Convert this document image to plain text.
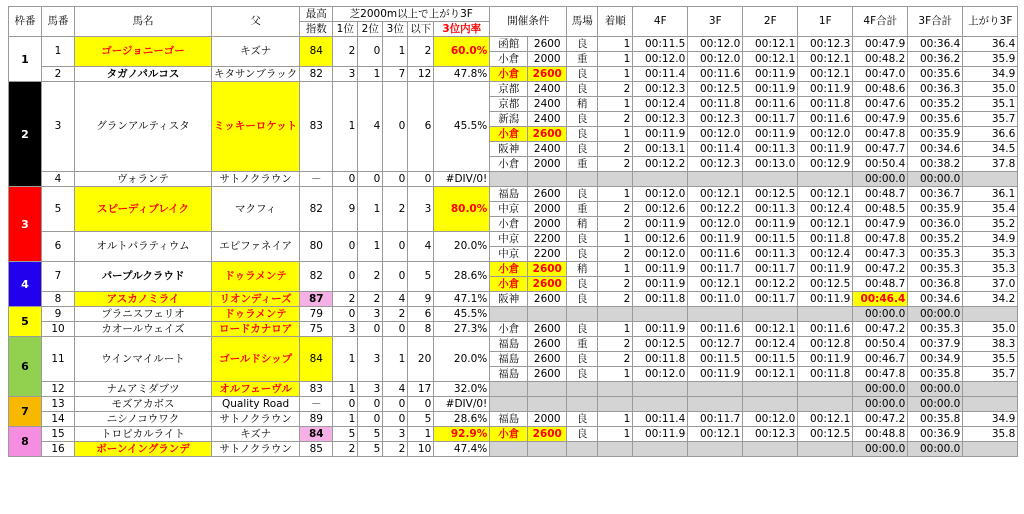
枠番	馬番	馬名	父	最高	芝2000m以上で上がり3F					開催条件		馬場	着順	4F	3F	2F	1F	4F合計	3F合計	上がり3F
				指数	1位	2位	3位	以下	3位内率											
1	1	ゴージョニーゴー	キズナ	84	2	0	1	2	60.0%	函館	2600	良	1	00:11.5	00:12.0	00:12.1	00:12.3	00:47.9	00:36.4	36.4
										小倉	2000	重	1	00:12.0	00:12.0	00:12.1	00:12.1	00:48.2	00:36.2	35.9
	2	タガノパルコス	キタサンブラック	82	3	1	7	12	47.8%	小倉	2600	良	1	00:11.4	00:11.6	00:11.9	00:12.1	00:47.0	00:35.6	34.9
2	3	グランアルティスタ	ミッキーロケット	83	1	4	0	6	45.5%	京都	2400	良	2	00:12.3	00:12.5	00:11.9	00:11.9	00:48.6	00:36.3	35.0
										京都	2400	稍	1	00:12.4	00:11.8	00:11.6	00:11.8	00:47.6	00:35.2	35.1
										新潟	2400	良	2	00:12.3	00:12.3	00:11.7	00:11.6	00:47.9	00:35.6	35.7
										小倉	2600	良	1	00:11.9	00:12.0	00:11.9	00:12.0	00:47.8	00:35.9	36.6
										阪神	2400	良	2	00:13.1	00:11.4	00:11.3	00:11.9	00:47.7	00:34.6	34.5
										小倉	2000	重	2	00:12.2	00:12.3	00:13.0	00:12.9	00:50.4	00:38.2	37.8
	4	ヴォランテ	サトノクラウン	－	0	0	0	0	#DIV/0!									00:00.0	00:00.0	
3	5	スピーディブレイク	マクフィ	82	9	1	2	3	80.0%	福島	2600	良	1	00:12.0	00:12.1	00:12.5	00:12.1	00:48.7	00:36.7	36.1
										中京	2000	重	2	00:12.6	00:12.2	00:11.3	00:12.4	00:48.5	00:35.9	35.4
										小倉	2000	稍	2	00:11.9	00:12.0	00:11.9	00:12.1	00:47.9	00:36.0	35.2
	6	オルトパラティウム	エピファネイア	80	0	1	0	4	20.0%	中京	2200	良	1	00:12.6	00:11.9	00:11.5	00:11.8	00:47.8	00:35.2	34.9
										中京	2200	良	2	00:12.0	00:11.6	00:11.3	00:12.4	00:47.3	00:35.3	35.3
4	7	パープルクラウド	ドゥラメンテ	82	0	2	0	5	28.6%	小倉	2600	稍	1	00:11.9	00:11.7	00:11.7	00:11.9	00:47.2	00:35.3	35.3
										小倉	2600	良	2	00:11.9	00:12.1	00:12.2	00:12.5	00:48.7	00:36.8	37.0
	8	アスカノミライ	リオンディーズ	87	2	2	4	9	47.1%	阪神	2600	良	2	00:11.8	00:11.0	00:11.7	00:11.9	00:46.4	00:34.6	34.2
5	9	プラニスフェリオ	ドゥラメンテ	79	0	3	2	6	45.5%									00:00.0	00:00.0	
	10	カオールウェイズ	ロードカナロア	75	3	0	0	8	27.3%	小倉	2600	良	1	00:11.9	00:11.6	00:12.1	00:11.6	00:47.2	00:35.3	35.0
6	11	ウインマイルート	ゴールドシップ	84	1	3	1	20	20.0%	福島	2600	重	2	00:12.5	00:12.7	00:12.4	00:12.8	00:50.4	00:37.9	38.3
										福島	2600	良	2	00:11.8	00:11.5	00:11.5	00:11.9	00:46.7	00:34.9	35.5
										福島	2600	良	1	00:12.0	00:11.9	00:12.1	00:11.8	00:47.8	00:35.8	35.7
	12	ナムアミダブツ	オルフェーヴル	83	1	3	4	17	32.0%									00:00.0	00:00.0	
7	13	モズアカボス	Quality Road	－	0	0	0	0	#DIV/0!									00:00.0	00:00.0	
	14	ニシノコウワク	サトノクラウン	89	1	0	0	5	28.6%	福島	2000	良	1	00:11.4	00:11.7	00:12.0	00:12.1	00:47.2	00:35.8	34.9
8	15	トロピカルライト	キズナ	84	5	5	3	1	92.9%	小倉	2600	良	1	00:11.9	00:12.1	00:12.3	00:12.5	00:48.8	00:36.9	35.8
	16	ボーンイングランデ	サトノクラウン	85	2	5	2	10	47.4%									00:00.0	00:00.0	
